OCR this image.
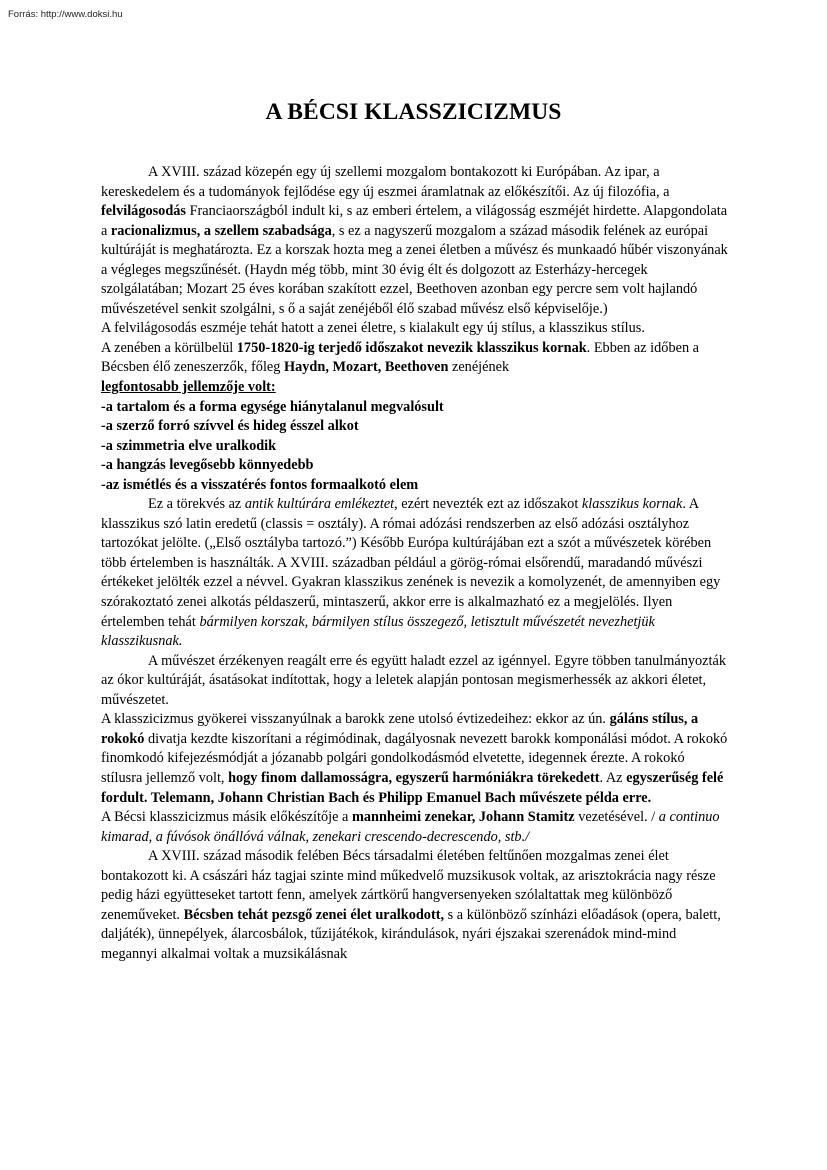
Forrás: http://www.doksi.hu
A BÉCSI KLASSZICIZMUS

A XVIII. század közepén egy új szellemi mozgalom bontakozott ki Európában. Az ipar, a kereskedelem és a tudományok fejlődése egy új eszmei áramlatnak az előkészítői. Az új filozófia, a felvilágosodás Franciaországból indult ki, s az emberi értelem, a világosság eszméjét hirdette. Alapgondolata a racionalizmus, a szellem szabadsága, s ez a nagyszerű mozgalom a század második felének az európai kultúráját is meghatározta. Ez a korszak hozta meg a zenei életben a művész és munkaadó hűbér viszonyának a végleges megszűnését. (Haydn még több, mint 30 évig élt és dolgozott az Esterházy-hercegek szolgálatában; Mozart 25 éves korában szakított ezzel, Beethoven azonban egy percre sem volt hajlandó művészetével senkit szolgálni, s ő a saját zenéjéből élő szabad művész első képviselője.)

A felvilágosodás eszméje tehát hatott a zenei életre, s kialakult egy új stílus, a klasszikus stílus.

A zenében a körülbelül 1750-1820-ig terjedő időszakot nevezik klasszikus kornak. Ebben az időben a Bécsben élő zeneszerzők, főleg Haydn, Mozart, Beethoven zenéjének
legfontosabb jellemzője volt:

-a tartalom és a forma egysége hiánytalanul megvalósult

-a szerző forró szívvel és hideg ésszel alkot

-a szimmetria elve uralkodik

-a hangzás levegősebb könnyedebb

-az ismétlés és a visszatérés fontos formaalkotó elem

Ez a törekvés az antik kultúrára emlékeztet, ezért nevezték ezt az időszakot klasszikus kornak. A klasszikus szó latin eredetű (classis = osztály). A római adózási rendszerben az első adózási osztályhoz tartozókat jelölte. („Első osztályba tartozó.”) Később Európa kultúrájában ezt a szót a művészetek körében több értelemben is használták. A XVIII. században például a görög-római elsőrendű, maradandó művészi értékeket jelölték ezzel a névvel. Gyakran klasszikus zenének is nevezik a komolyzenét, de amennyiben egy szórakoztató zenei alkotás példaszerű, mintaszerű, akkor erre is alkalmazható ez a megjelölés. Ilyen értelemben tehát bármilyen korszak, bármilyen stílus összegező, letisztult művészetét nevezhetjük klasszikusnak.

A művészet érzékenyen reagált erre és együtt haladt ezzel az igénnyel. Egyre többen tanulmányozták az ókor kultúráját, ásatásokat indítottak, hogy a leletek alapján pontosan megismerhessék az akkori életet, művészetet.

A klasszicizmus gyökerei visszanyúlnak a barokk zene utolsó évtizedeihez: ekkor az ún. gáláns stílus, a rokokó divatja kezdte kiszorítani a régimódinak, dagályosnak nevezett barokk komponálási módot. A rokokó finomkodó kifejezésmódját a józanabb polgári gondolkodásmód elvetette, idegennek érezte. A rokokó stílusra jellemző volt, hogy finom dallamosságra, egyszerű harmóniákra törekedett. Az egyszerűség felé fordult. Telemann, Johann Christian Bach és Philipp Emanuel Bach művészete példa erre.

A Bécsi klasszicizmus másik előkészítője a mannheimi zenekar, Johann Stamitz vezetésével. / a continuo kimarad, a fúvósok önállóvá válnak, zenekari crescendo-decrescendo, stb./

A XVIII. század második felében Bécs társadalmi életében feltűnően mozgalmas zenei élet bontakozott ki. A császári ház tagjai szinte mind műkedvelő muzsikusok voltak, az arisztokrácia nagy része pedig házi együtteseket tartott fenn, amelyek zártkörű hangversenyeken szólaltattak meg különböző zeneműveket. Bécsben tehát pezsgő zenei élet uralkodott, s a különböző színházi előadások (opera, balett, daljáték), ünnepélyek, álarcosbálok, tűzijátékok, kirándulások, nyári éjszakai szerenádok mind-mind megannyi alkalmai voltak a muzsikálásnak
